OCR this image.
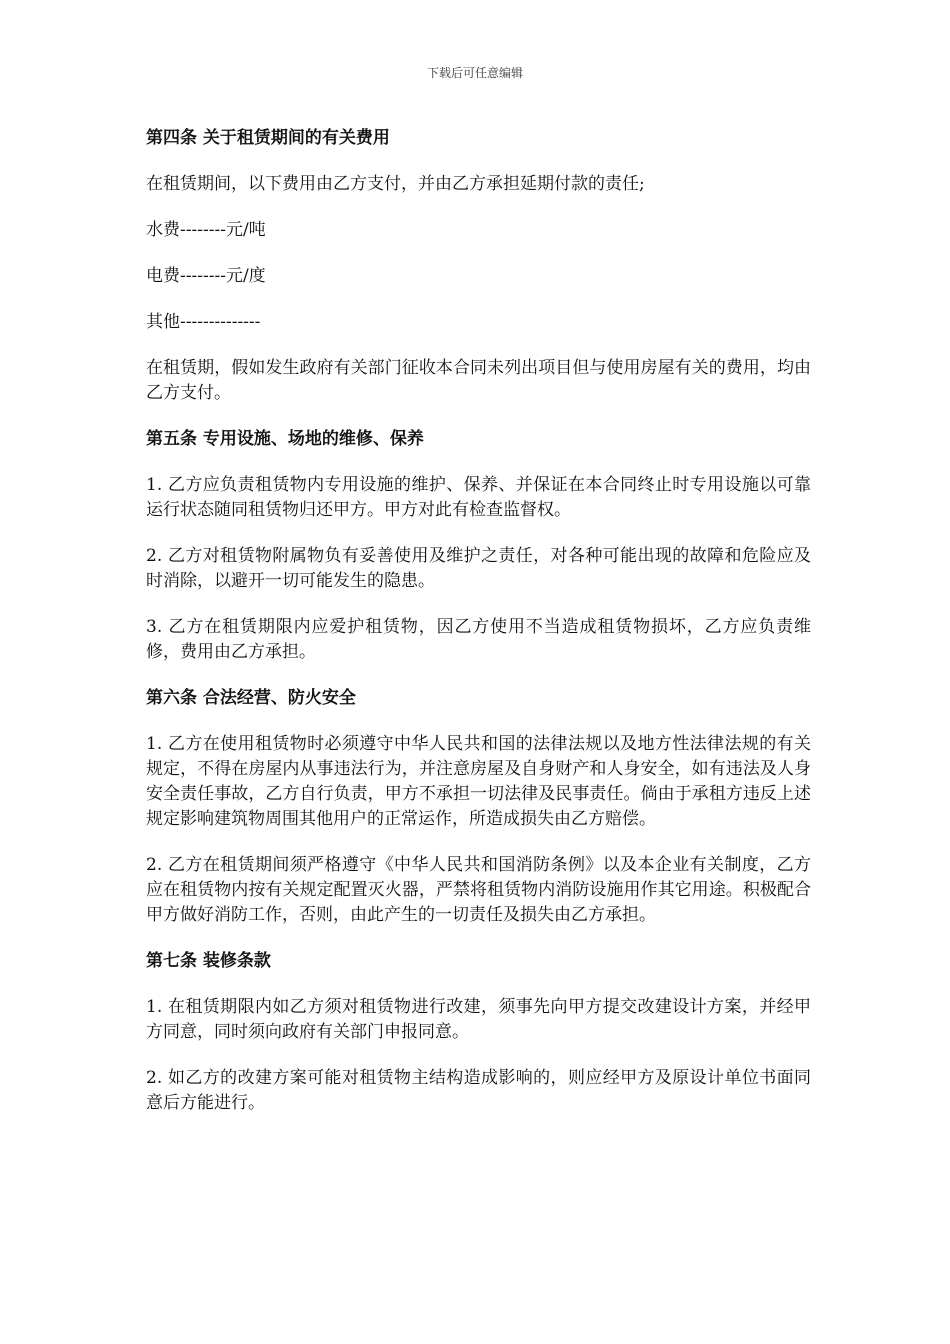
下载后可任意编辑
第四条 关于租赁期间的有关费用
在租赁期间，以下费用由乙方支付，并由乙方承担延期付款的责任;
水费--------元/吨
电费--------元/度
其他--------------
在租赁期，假如发生政府有关部门征收本合同未列出项目但与使用房屋有关的费用，均由乙方支付。
第五条 专用设施、场地的维修、保养
1. 乙方应负责租赁物内专用设施的维护、保养、并保证在本合同终止时专用设施以可靠运行状态随同租赁物归还甲方。甲方对此有检查监督权。
2. 乙方对租赁物附属物负有妥善使用及维护之责任，对各种可能出现的故障和危险应及时消除，以避开一切可能发生的隐患。
3. 乙方在租赁期限内应爱护租赁物，因乙方使用不当造成租赁物损坏，乙方应负责维修，费用由乙方承担。
第六条 合法经营、防火安全
1. 乙方在使用租赁物时必须遵守中华人民共和国的法律法规以及地方性法律法规的有关规定，不得在房屋内从事违法行为，并注意房屋及自身财产和人身安全，如有违法及人身安全责任事故，乙方自行负责，甲方不承担一切法律及民事责任。倘由于承租方违反上述规定影响建筑物周围其他用户的正常运作，所造成损失由乙方赔偿。
2. 乙方在租赁期间须严格遵守《中华人民共和国消防条例》以及本企业有关制度，乙方应在租赁物内按有关规定配置灭火器，严禁将租赁物内消防设施用作其它用途。积极配合甲方做好消防工作，否则，由此产生的一切责任及损失由乙方承担。
第七条 装修条款
1. 在租赁期限内如乙方须对租赁物进行改建，须事先向甲方提交改建设计方案，并经甲方同意，同时须向政府有关部门申报同意。
2. 如乙方的改建方案可能对租赁物主结构造成影响的，则应经甲方及原设计单位书面同意后方能进行。
